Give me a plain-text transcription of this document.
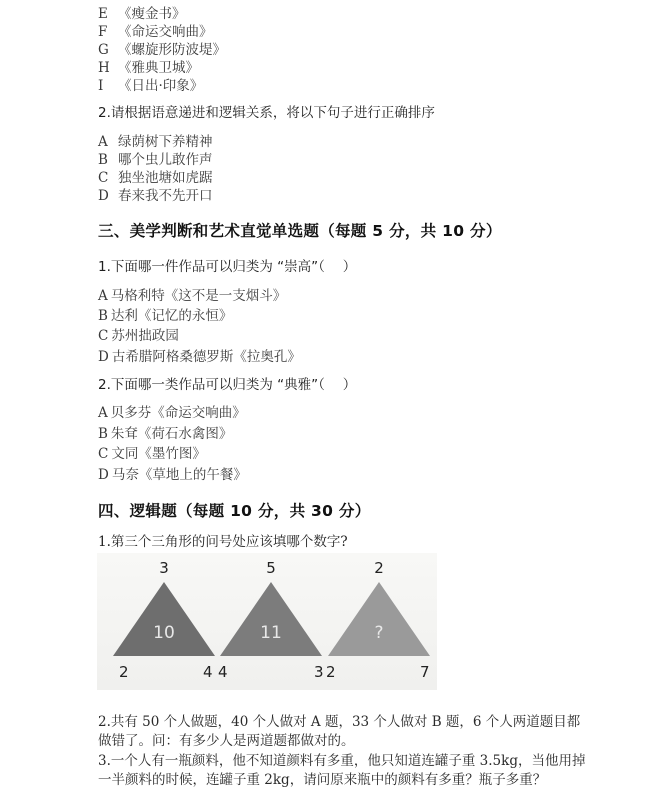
E 《瘦金书》
F 《命运交响曲》
G 《螺旋形防波堤》
H 《雅典卫城》
I 《日出·印象》
2.请根据语意递进和逻辑关系，将以下句子进行正确排序
A 绿荫树下养精神
B 哪个虫儿敢作声
C 独坐池塘如虎踞
D 春来我不先开口
三、美学判断和艺术直觉单选题（每题 5 分，共 10 分）
1.下面哪一件作品可以归类为 “崇高”（　 ）
A 马格利特《这不是一支烟斗》
B 达利《记忆的永恒》
C 苏州拙政园
D 古希腊阿格桑德罗斯《拉奥孔》
2.下面哪一类作品可以归类为 “典雅”（　 ）
A 贝多芬《命运交响曲》
B 朱耷《荷石水禽图》
C 文同《墨竹图》
D 马奈《草地上的午餐》
四、逻辑题（每题 10 分，共 30 分）
1.第三个三角形的问号处应该填哪个数字?
3
10
2	4
5
11
4	3
2
?
2	7
2.共有 50 个人做题，40 个人做对 A 题，33 个人做对 B 题，6 个人两道题目都做错了。问：有多少人是两道题都做对的。
3.一个人有一瓶颜料，他不知道颜料有多重，他只知道连罐子重 3.5kg，当他用掉一半颜料的时候，连罐子重 2kg，请问原来瓶中的颜料有多重？瓶子多重？
